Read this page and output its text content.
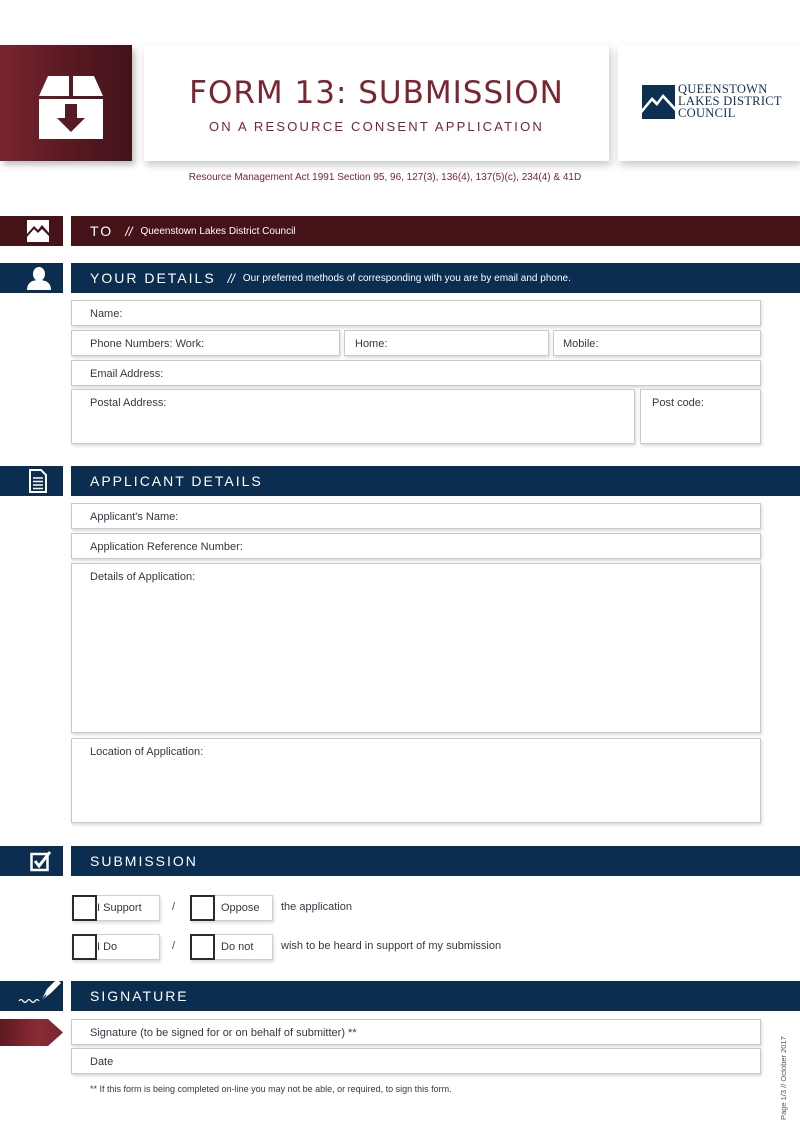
FORM 13: SUBMISSION
ON A RESOURCE CONSENT APPLICATION
QUEENSTOWN
LAKES DISTRICT
COUNCIL
Resource Management Act 1991 Section 95, 96, 127(3), 136(4), 137(5)(c), 234(4) & 41D
TO // Queenstown Lakes District Council
YOUR DETAILS // Our preferred methods of corresponding with you are by email and phone.
Name:
Phone Numbers: Work:	Home:	Mobile:
Email Address:
Postal Address:	Post code:
APPLICANT DETAILS
Applicant's Name:
Application Reference Number:
Details of Application:
Location of Application:
SUBMISSION
I Support	/	Oppose the application
I Do	/	Do not	wish to be heard in support of my submission
SIGNATURE
Signature (to be signed for or on behalf of submitter) **
Date
** If this form is being completed on-line you may not be able, or required, to sign this form.	Page 1/3 // October 2017
